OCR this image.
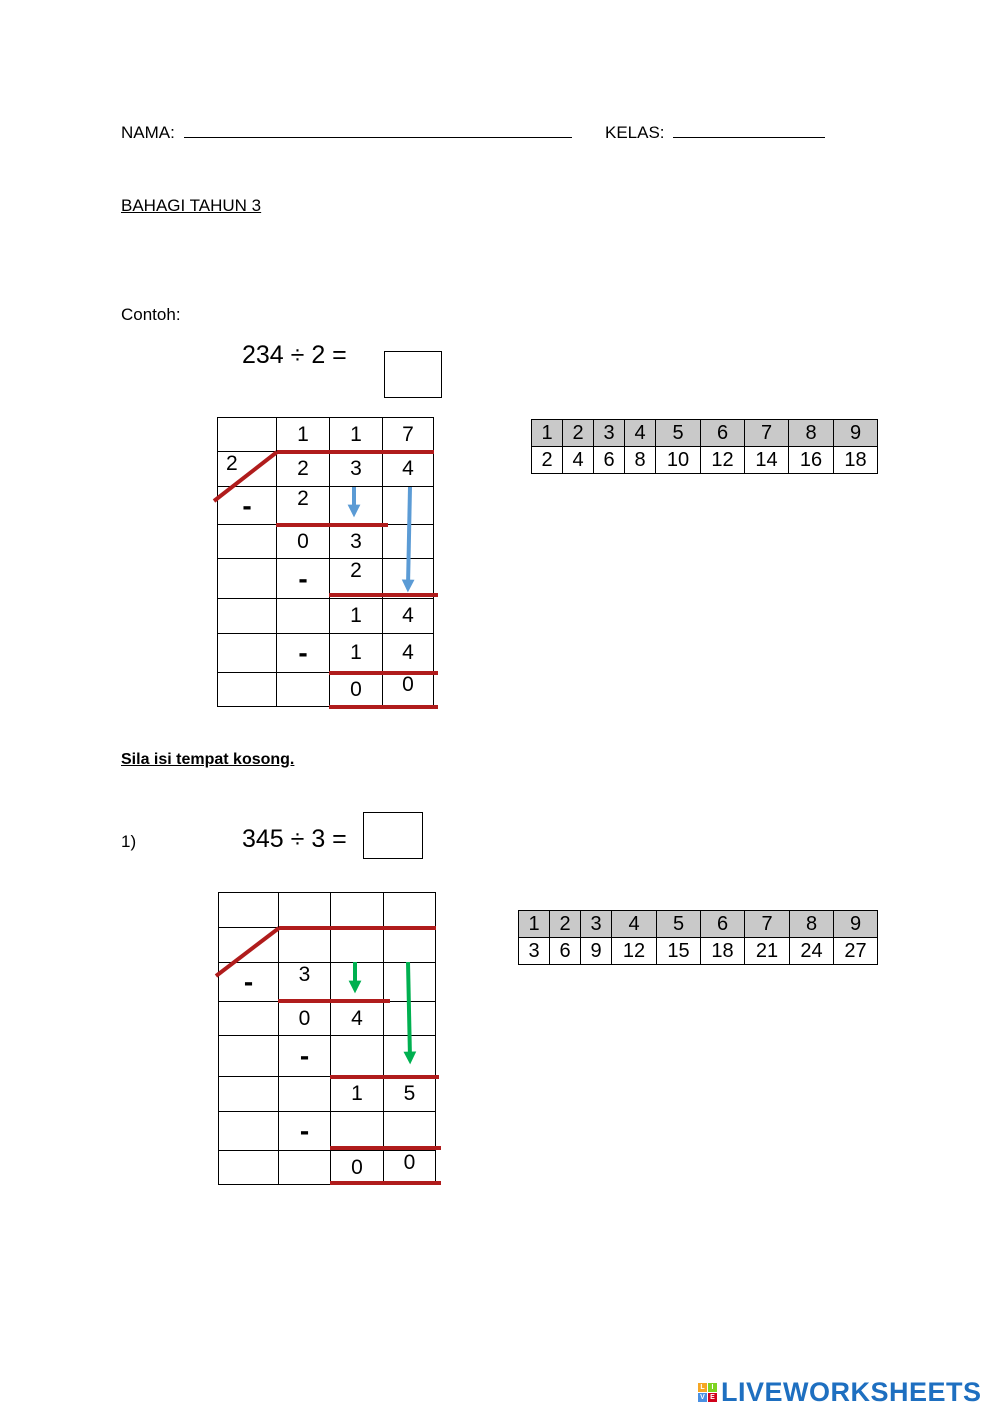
NAMA:	KELAS:
BAHAGI TAHUN 3
Contoh:
234 ÷ 2 =
	1	1	7
2	2	3	4
-	2		
	0	3	
	-	2	
		1	4
	-	1	4
		0	0
1	2	3	4	5	6	7	8	9
2	4	6	8	10	12	14	16	18
Sila isi tempat kosong.
1)	345 ÷ 3 =

-	3		
	0	4	
	-		
		1	5
	-		
		0	0
1	2	3	4	5	6	7	8	9
3	6	9	12	15	18	21	24	27
L I
V E LIVEWORKSHEETS
